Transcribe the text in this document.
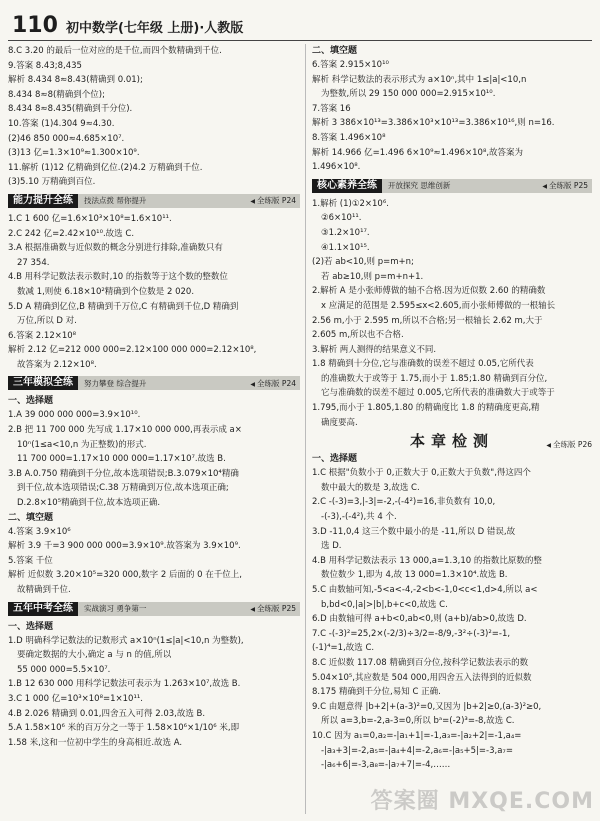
110 初中数学(七年级 上册)·人教版
8.C 3.20 的最后一位对应的是千位,而四个数精确到千位.
9.答案 8.43;8,435
解析 8.434 8≈8.43(精确到 0.01);
8.434 8≈8(精确到个位);
8.434 8≈8.435(精确到千分位).
10.答案 (1)4.304 9≈4.30.
(2)46 850 000≈4.685×10⁷.
(3)13 亿=1.3×10⁹≈1.300×10⁹.
11.解析 (1)12 亿精确到亿位.(2)4.2 万精确到千位.
(3)5.10 万精确到百位.
能力提升全练	技法点拨 帮你提升	◀ 全练版 P24
1.C 1 600 亿=1.6×10³×10⁸=1.6×10¹¹.
2.C 242 亿=2.42×10¹⁰.故选 C.
3.A 根据准确数与近似数的概念分别进行排除,准确数只有
27 354.
4.B 用科学记数法表示数时,10 的指数等于这个数的整数位
数减 1,则使 6.18×10²精确到个位数是 2 020.
5.D A 精确到亿位,B 精确到千万位,C 有精确到千位,D 精确到
万位,所以 D 对.
6.答案 2.12×10⁸
解析 2.12 亿=212 000 000=2.12×100 000 000=2.12×10⁸,
故答案为 2.12×10⁸.
三年模拟全练	努力攀登 综合提升	◀ 全练版 P24
一、选择题
1.A 39 000 000 000=3.9×10¹⁰.
2.B 把 11 700 000 先写成 1.17×10 000 000,再表示成 a×
10ⁿ(1≤a<10,n 为正整数)的形式.
11 700 000=1.17×10 000 000=1.17×10⁷.故选 B.
3.B A.0.750 精确到千分位,故本选项错误;B.3.079×10⁴精确
到千位,故本选项错误;C.38 万精确到万位,故本选项正确;
D.2.8×10⁵精确到千位,故本选项正确.
二、填空题
4.答案 3.9×10⁶
解析 3.9 千=3 900 000 000=3.9×10⁹.故答案为 3.9×10⁹.
5.答案 千位
解析 近似数 3.20×10⁵=320 000,数字 2 后面的 0 在千位上,
故精确到千位.
五年中考全练	实战演习 勇争第一	◀ 全练版 P25
一、选择题
1.D 明确科学记数法的记数形式 a×10ⁿ(1≤|a|<10,n 为整数),
要确定数据的大小,确定 a 与 n 的值,所以
55 000 000=5.5×10⁷.
1.B 12 630 000 用科学记数法可表示为 1.263×10⁷,故选 B.
3.C 1 000 亿=10³×10⁸=1×10¹¹.
4.B 2.026 精确到 0.01,四舍五入可得 2.03,故选 B.
5.A 1.58×10⁶ 米的百万分之一等于 1.58×10⁶×1/10⁶ 米,即
1.58 米,这和一位初中学生的身高相近.故选 A.
二、填空题
6.答案 2.915×10¹⁰
解析 科学记数法的表示形式为 a×10ⁿ,其中 1≤|a|<10,n
为整数,所以 29 150 000 000=2.915×10¹⁰.
7.答案 16
解析 3 386×10¹³=3.386×10³×10¹³=3.386×10¹⁶,则 n=16.
8.答案 1.496×10⁸
解析 14.966 亿=1.496 6×10⁹≈1.496×10⁸,故答案为
1.496×10⁸.
核心素养全练	开放探究 思维创新	◀ 全练版 P25
1.解析 (1)①2×10⁶.
②6×10¹¹.
③1.2×10¹⁷.
④1.1×10¹⁵.
(2)若 ab<10,则 p=m+n;
若 ab≥10,则 p=m+n+1.
2.解析 A 是小张师傅做的轴不合格.因为近似数 2.60 的精确数
x 应满足的范围是 2.595≤x<2.605,而小张师傅做的一根轴长
2.56 m,小于 2.595 m,所以不合格;另一根轴长 2.62 m,大于
2.605 m,所以也不合格.
3.解析 两人测得的结果意义不同.
1.8 精确到十分位,它与准确数的误差不超过 0.05,它所代表
的准确数大于或等于 1.75,而小于 1.85;1.80 精确到百分位,
它与准确数的误差不超过 0.005,它所代表的准确数大于或等于
1.795,而小于 1.805,1.80 的精确度比 1.8 的精确度更高,精
确度要高.
本章检测	◀ 全练版 P26
一、选择题
1.C 根据"负数小于 0,正数大于 0,正数大于负数",得这四个
数中最大的数是 3,故选 C.
2.C -(-3)=3,|-3|=-2,-(-4²)=16,非负数有 10,0,
-(-3),-(-4²),共 4 个.
3.D -11,0,4 这三个数中最小的是 -11,所以 D 错误,故
选 D.
4.B 用科学记数法表示 13 000,a=1.3,10 的指数比原数的整
数位数少 1,即为 4,故 13 000=1.3×10⁴.故选 B.
5.C 由数轴可知,-5<a<-4,-2<b<-1,0<c<1,d>4,所以 a<
b,bd<0,|a|>|b|,b+c<0,故选 C.
6.D 由数轴可得 a+b<0,ab<0,则 (a+b)/ab>0,故选 D.
7.C -(-3)²=25,2×(-2/3)÷3/2=-8/9,-3²÷(-3)²=-1,
(-1)⁴=1,故选 C.
8.C 近似数 117.08 精确到百分位,按科学记数法表示的数
5.04×10⁵,其应数是 504 000,用四舍五入法得到的近似数
8.175 精确到千分位,易知 C 正确.
9.C 由题意得 |b+2|+(a-3)²=0,又因为 |b+2|≥0,(a-3)²≥0,
所以 a=3,b=-2,a-3=0,所以 bᵃ=(-2)³=-8,故选 C.
10.C 因为 a₁=0,a₂=-|a₁+1|=-1,a₃=-|a₂+2|=-1,a₄=
-|a₃+3|=-2,a₅=-|a₄+4|=-2,a₆=-|a₅+5|=-3,a₇=
-|a₆+6|=-3,a₈=-|a₇+7|=-4,……
答案圈 MXQE.COM
